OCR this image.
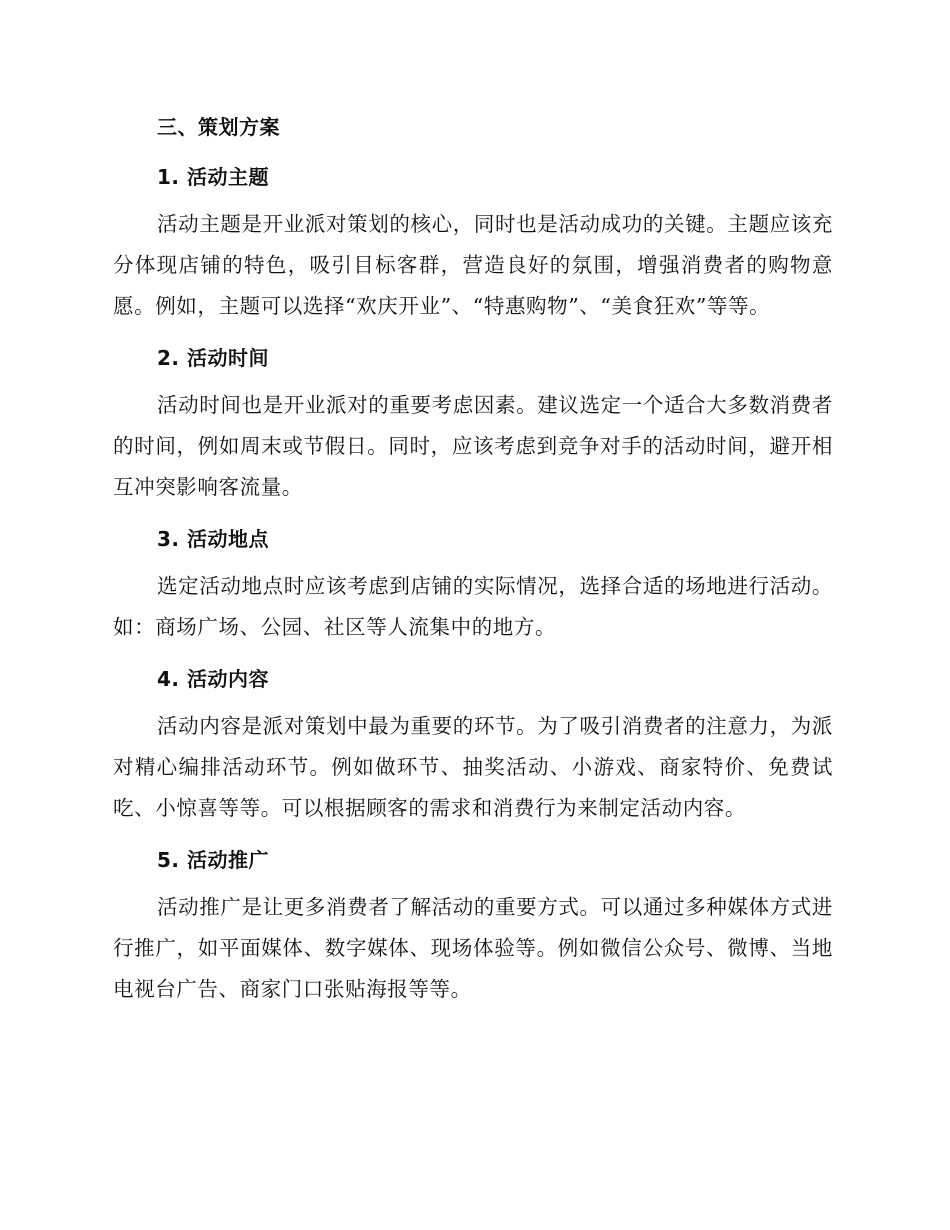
三、策划方案
1. 活动主题

活动主题是开业派对策划的核心，同时也是活动成功的关键。主题应该充分体现店铺的特色，吸引目标客群，营造良好的氛围，增强消费者的购物意愿。例如，主题可以选择“欢庆开业”、“特惠购物”、“美食狂欢”等等。

2. 活动时间

活动时间也是开业派对的重要考虑因素。建议选定一个适合大多数消费者的时间，例如周末或节假日。同时，应该考虑到竞争对手的活动时间，避开相互冲突影响客流量。

3. 活动地点

选定活动地点时应该考虑到店铺的实际情况，选择合适的场地进行活动。如：商场广场、公园、社区等人流集中的地方。

4. 活动内容

活动内容是派对策划中最为重要的环节。为了吸引消费者的注意力，为派对精心编排活动环节。例如做环节、抽奖活动、小游戏、商家特价、免费试吃、小惊喜等等。可以根据顾客的需求和消费行为来制定活动内容。

5. 活动推广

活动推广是让更多消费者了解活动的重要方式。可以通过多种媒体方式进行推广，如平面媒体、数字媒体、现场体验等。例如微信公众号、微博、当地电视台广告、商家门口张贴海报等等。
